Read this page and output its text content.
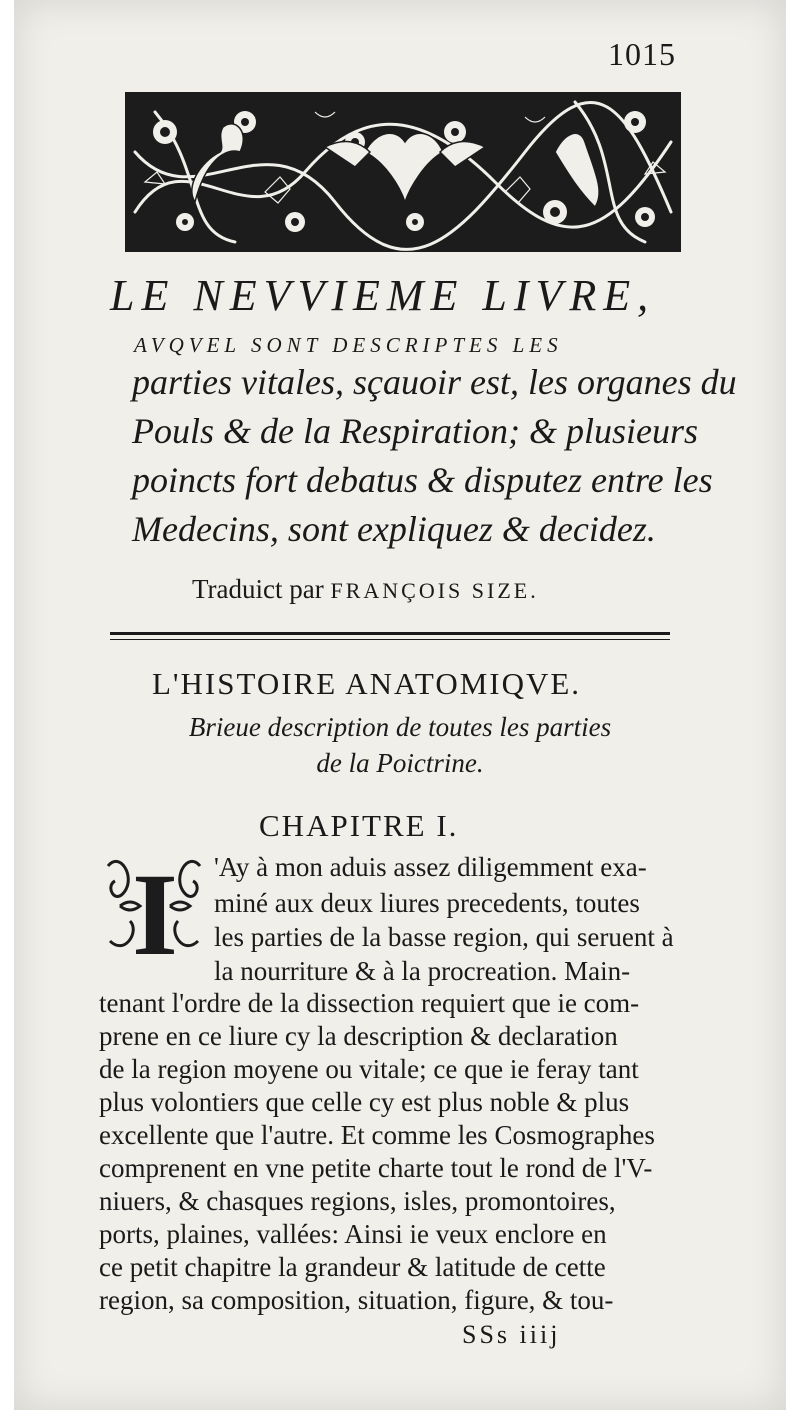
1015
LE NEVVIEME LIVRE,
AVQVEL SONT DESCRIPTES LES
parties vitales, sçauoir est, les organes du
Pouls & de la Respiration; & plusieurs
poincts fort debatus & disputez entre les
Medecins, sont expliquez & decidez.
Traduict par FRANÇOIS SIZE.
L'HISTOIRE ANATOMIQVE.
Brieue description de toutes les parties
de la Poictrine.
CHAPITRE I.
I 'Ay à mon aduis assez diligemment exa-
miné aux deux liures precedents, toutes
les parties de la basse region, qui seruent à
la nourriture & à la procreation. Main-
tenant l'ordre de la dissection requiert que ie com-
prene en ce liure cy la description & declaration
de la region moyene ou vitale; ce que ie feray tant
plus volontiers que celle cy est plus noble & plus
excellente que l'autre. Et comme les Cosmographes
comprenent en vne petite charte tout le rond de l'V-
niuers, & chasques regions, isles, promontoires,
ports, plaines, vallées: Ainsi ie veux enclore en
ce petit chapitre la grandeur & latitude de cette
region, sa composition, situation, figure, & tou-
SSs iiij
